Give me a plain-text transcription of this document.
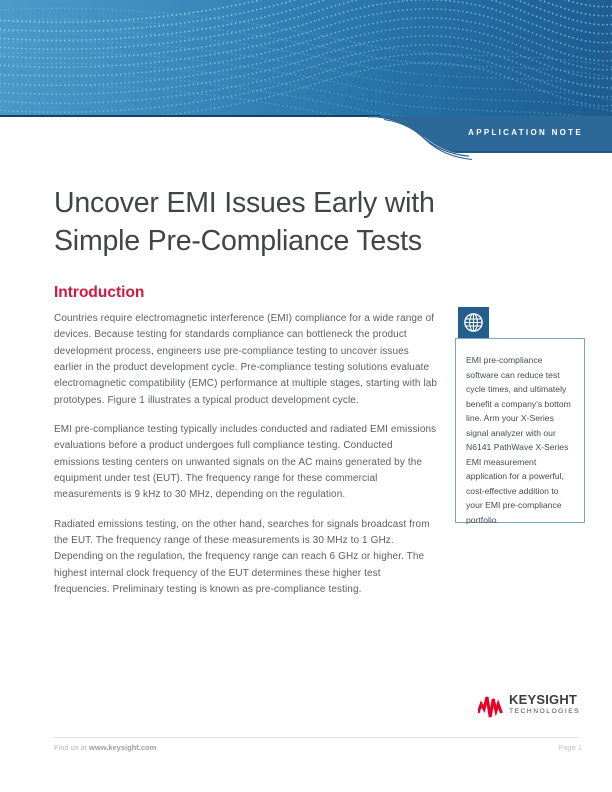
APPLICATION NOTE
Uncover EMI Issues Early with
Simple Pre-Compliance Tests
Introduction

Countries require electromagnetic interference (EMI) compliance for a wide range of devices. Because testing for standards compliance can bottleneck the product development process, engineers use pre-compliance testing to uncover issues earlier in the product development cycle. Pre-compliance testing solutions evaluate electromagnetic compatibility (EMC) performance at multiple stages, starting with lab prototypes. Figure 1 illustrates a typical product development cycle.

EMI pre-compliance testing typically includes conducted and radiated EMI emissions evaluations before a product undergoes full compliance testing. Conducted emissions testing centers on unwanted signals on the AC mains generated by the equipment under test (EUT). The frequency range for these commercial measurements is 9 kHz to 30 MHz, depending on the regulation.

Radiated emissions testing, on the other hand, searches for signals broadcast from the EUT. The frequency range of these measurements is 30 MHz to 1 GHz. Depending on the regulation, the frequency range can reach 6 GHz or higher. The highest internal clock frequency of the EUT determines these higher test frequencies. Preliminary testing is known as pre-compliance testing.

EMI pre-compliance software can reduce test cycle times, and ultimately benefit a company's bottom line. Arm your X-Series signal analyzer with our N6141 PathWave X-Series EMI measurement application for a powerful, cost-effective addition to your EMI pre-compliance portfolio.

KEYSIGHT
TECHNOLOGIES
Find us at www.keysight.com	Page 1
